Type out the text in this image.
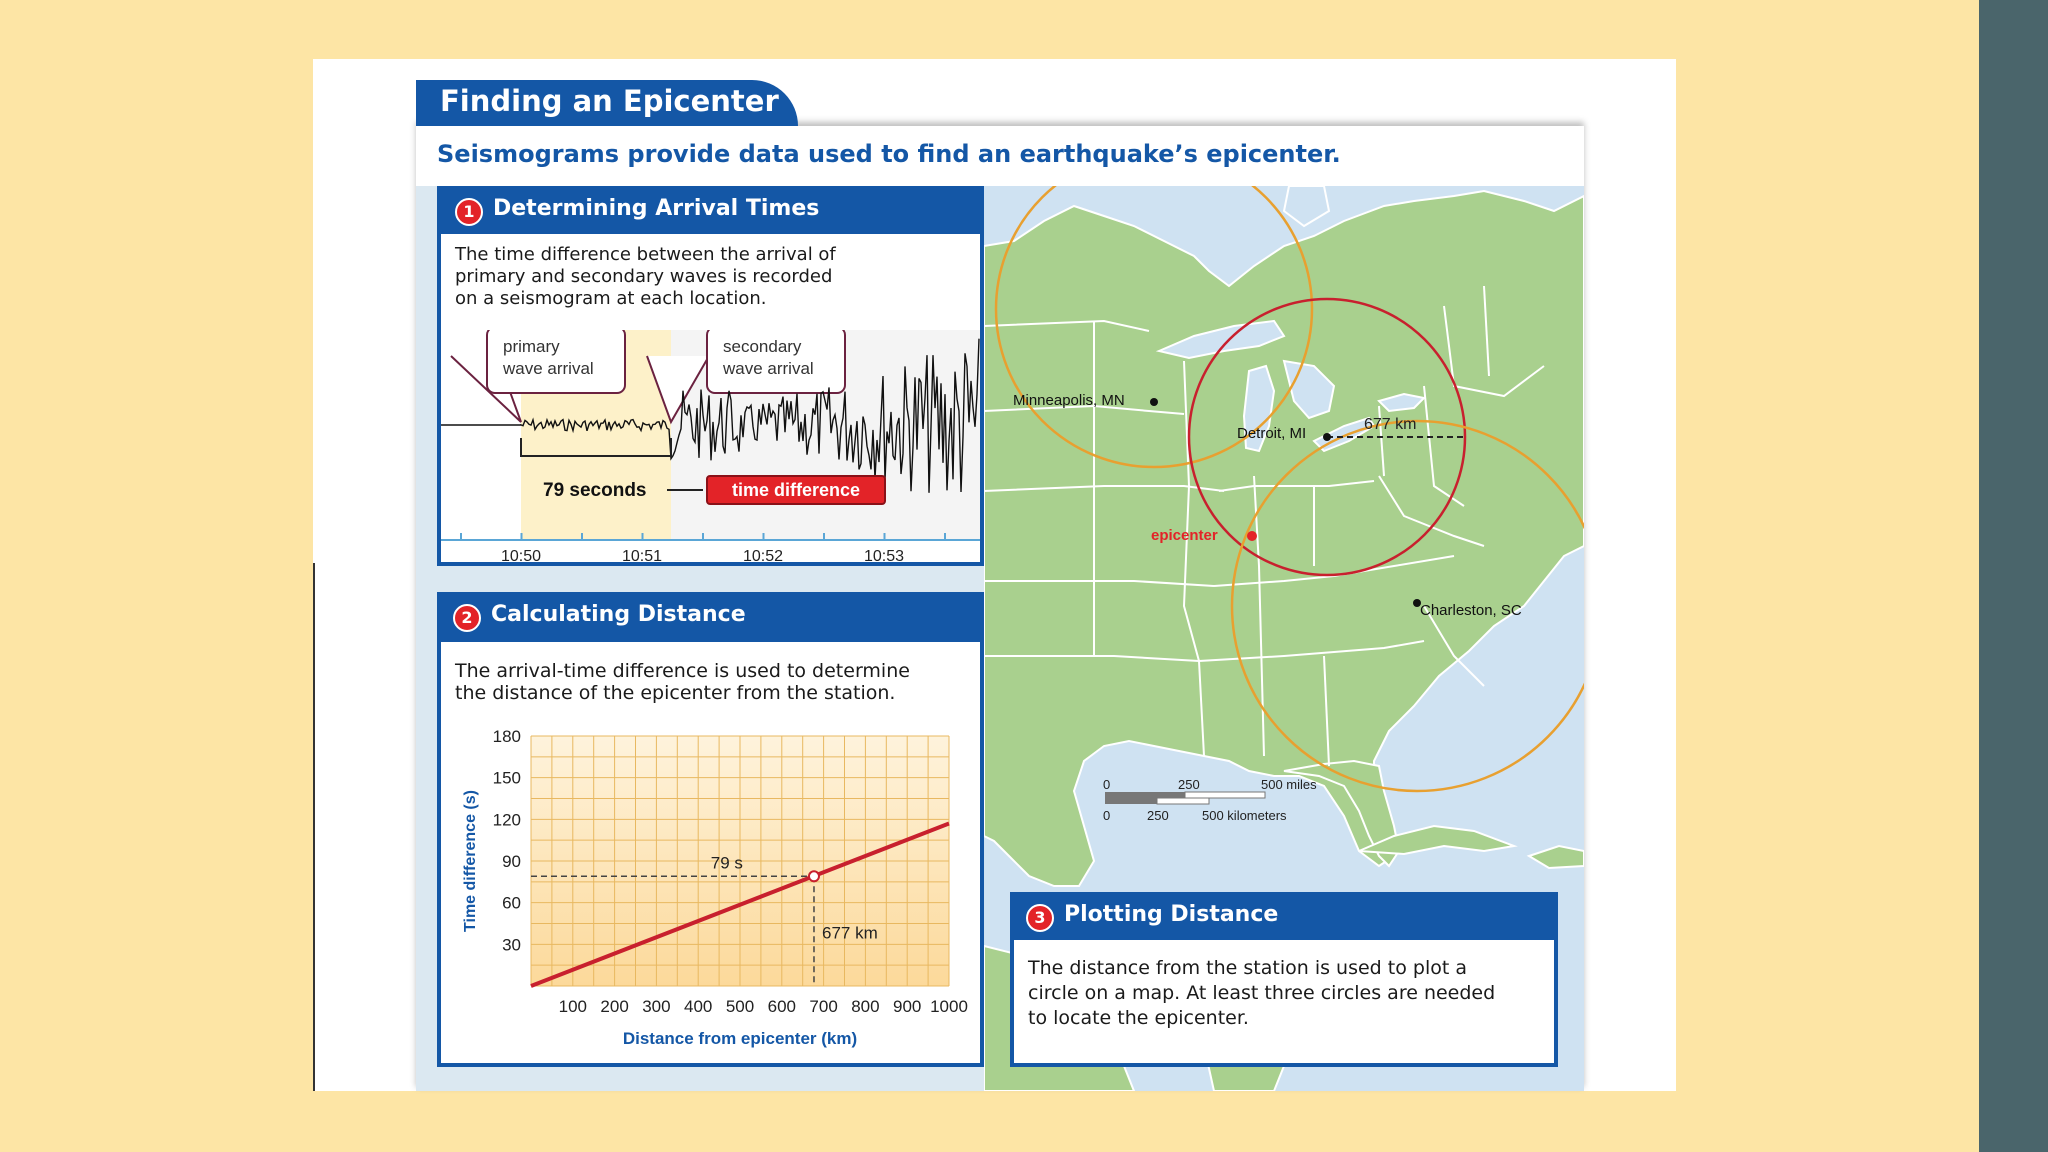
Finding an Epicenter
Seismograms provide data used to find an earthquake’s epicenter.
677 km
Minneapolis, MN
Detroit, MI
Charleston, SC
epicenter
0	250	500 miles
0	250	500 kilometers
1 Determining Arrival Times
The time difference between the arrival of
primary and secondary waves is recorded
on a seismogram at each location.
primary
wave arrival
secondary
wave arrival
79 seconds	time difference
10:50	10:51	10:52	10:53
2 Calculating Distance
The arrival-time difference is used to determine
the distance of the epicenter from the station.
30
60
90
120
150
180
100 200 300 400 500 600 700 800 900 1000
79 s
677 km
Time difference (s)
Distance from epicenter (km)
3 Plotting Distance
The distance from the station is used to plot a
circle on a map. At least three circles are needed
to locate the epicenter.
